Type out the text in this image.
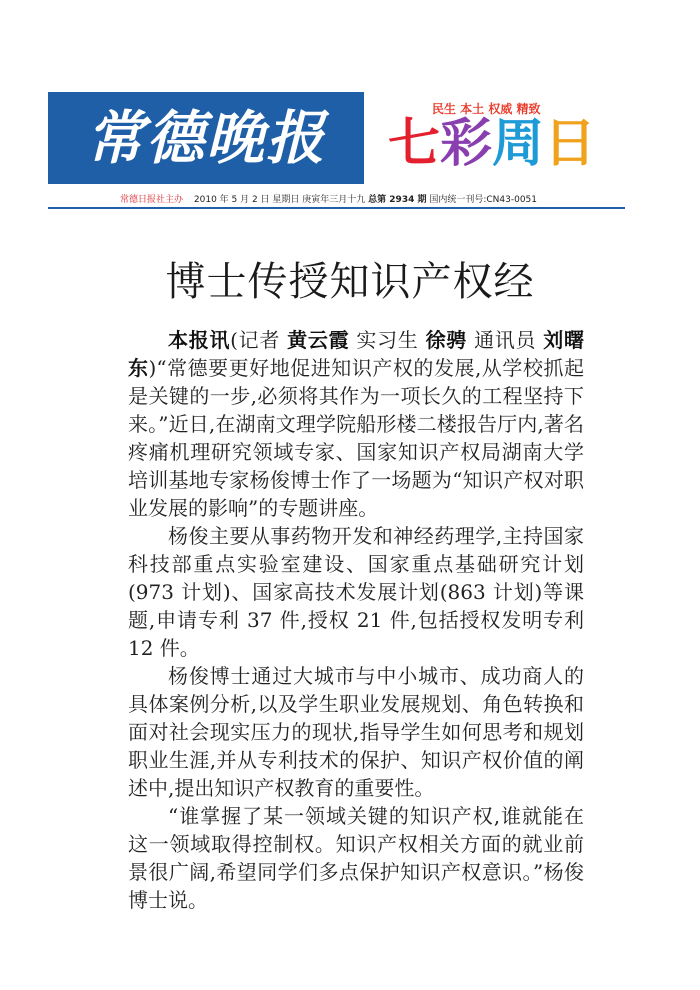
常德晚报	民生 本土 权威 精致
七彩周日
常德日报社主办 2010 年 5 月 2 日 星期日 庚寅年三月十九 总第 2934 期 国内统一刊号:CN43-0051
博士传授知识产权经

本报讯(记者 黄云霞 实习生 徐骋 通讯员 刘曙东)“常德要更好地促进知识产权的发展,从学校抓起是关键的一步,必须将其作为一项长久的工程坚持下来。”近日,在湖南文理学院船形楼二楼报告厅内,著名疼痛机理研究领域专家、国家知识产权局湖南大学培训基地专家杨俊博士作了一场题为“知识产权对职业发展的影响”的专题讲座。

杨俊主要从事药物开发和神经药理学,主持国家科技部重点实验室建设、国家重点基础研究计划(973 计划)、国家高技术发展计划(863 计划)等课题,申请专利 37 件,授权 21 件,包括授权发明专利 12 件。

杨俊博士通过大城市与中小城市、成功商人的具体案例分析,以及学生职业发展规划、角色转换和面对社会现实压力的现状,指导学生如何思考和规划职业生涯,并从专利技术的保护、知识产权价值的阐述中,提出知识产权教育的重要性。

“谁掌握了某一领域关键的知识产权,谁就能在这一领域取得控制权。知识产权相关方面的就业前景很广阔,希望同学们多点保护知识产权意识。”杨俊博士说。
